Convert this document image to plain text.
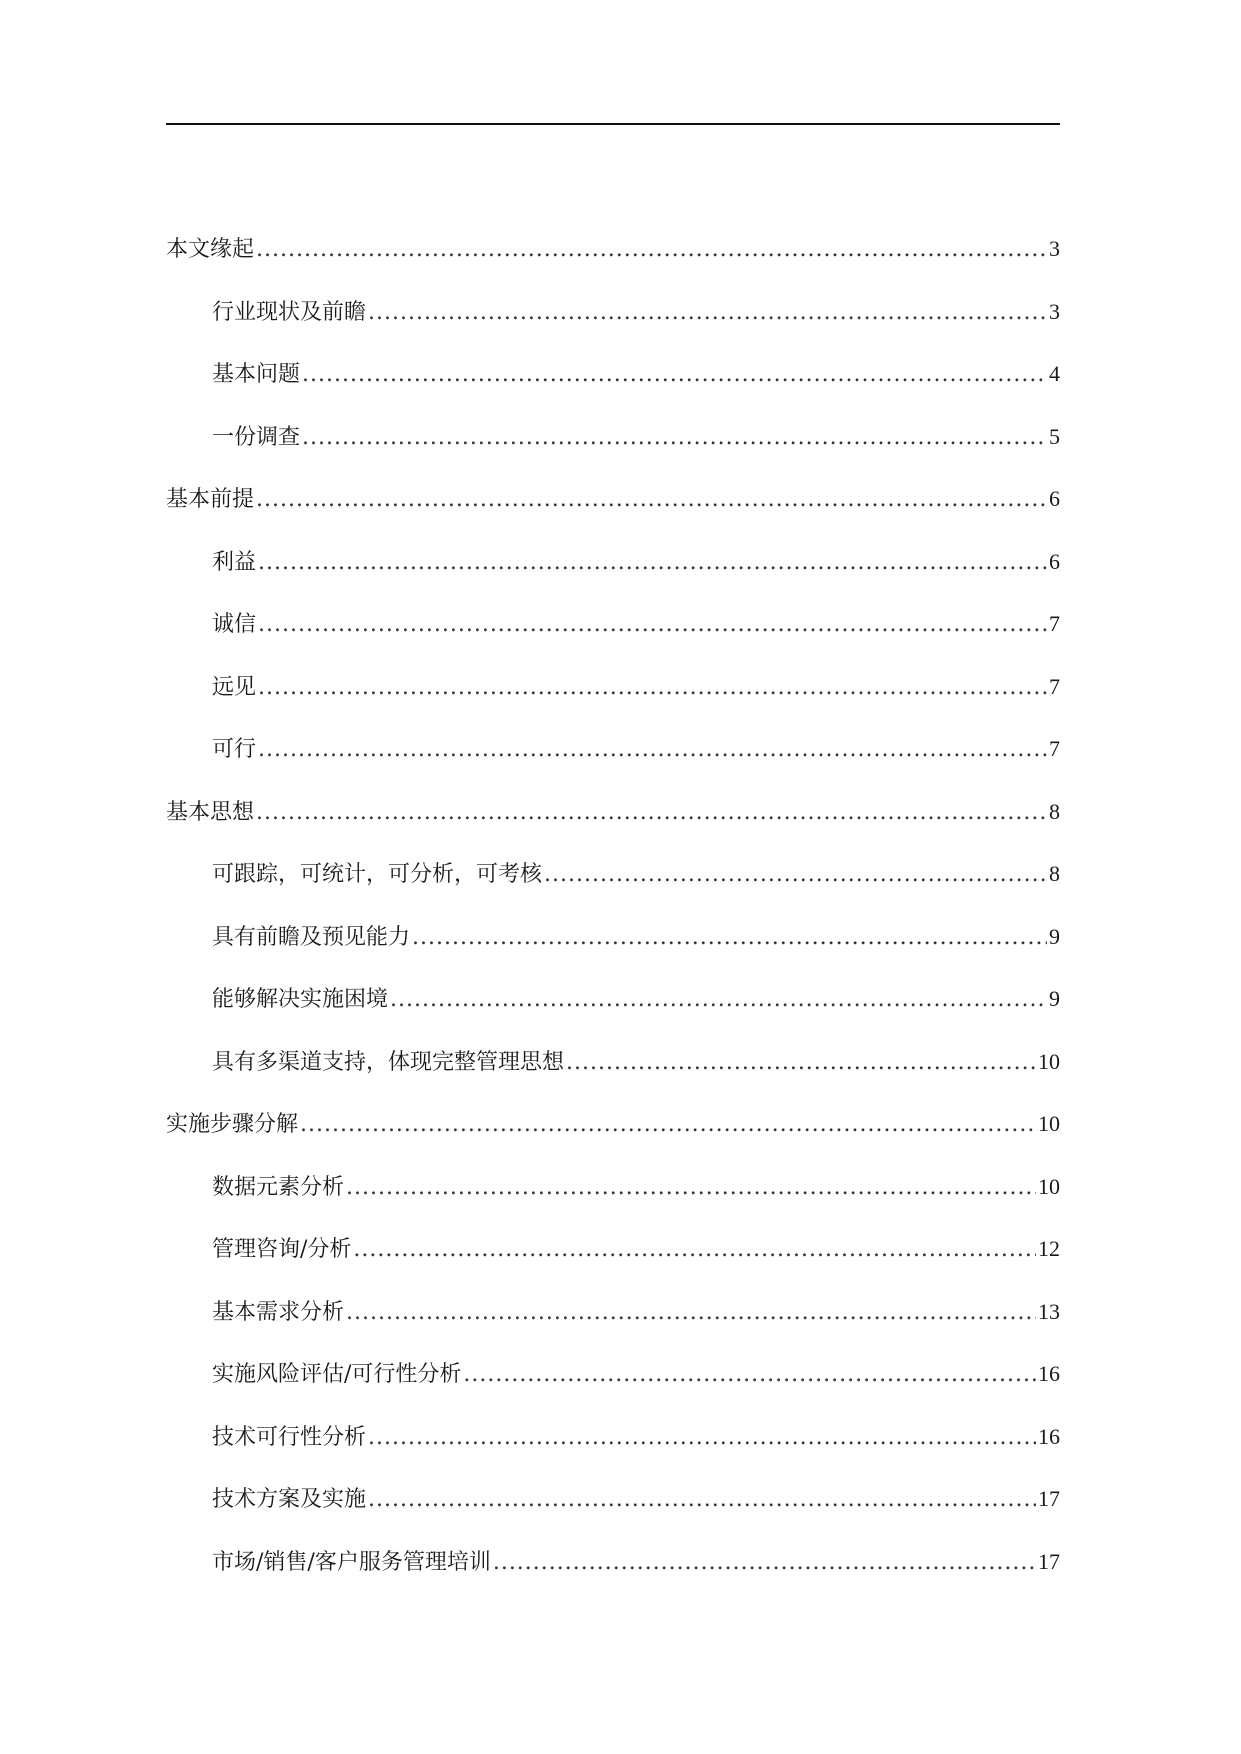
本文缘起 .....	3
行业现状及前瞻 .....	3
基本问题 .....	4
一份调查 .....	5
基本前提 .....	6
利益 .....	6
诚信 .....	7
远见 .....	7
可行 .....	7
基本思想 .....	8
可跟踪，可统计，可分析，可考核 .....	8
具有前瞻及预见能力 .....	9
能够解决实施困境 .....	9
具有多渠道支持，体现完整管理思想 .....	10
实施步骤分解 .....	10
数据元素分析 .....	10
管理咨询/分析 .....	12
基本需求分析 .....	13
实施风险评估/可行性分析 .....	16
技术可行性分析 .....	16
技术方案及实施 .....	17
市场/销售/客户服务管理培训 .....	17
